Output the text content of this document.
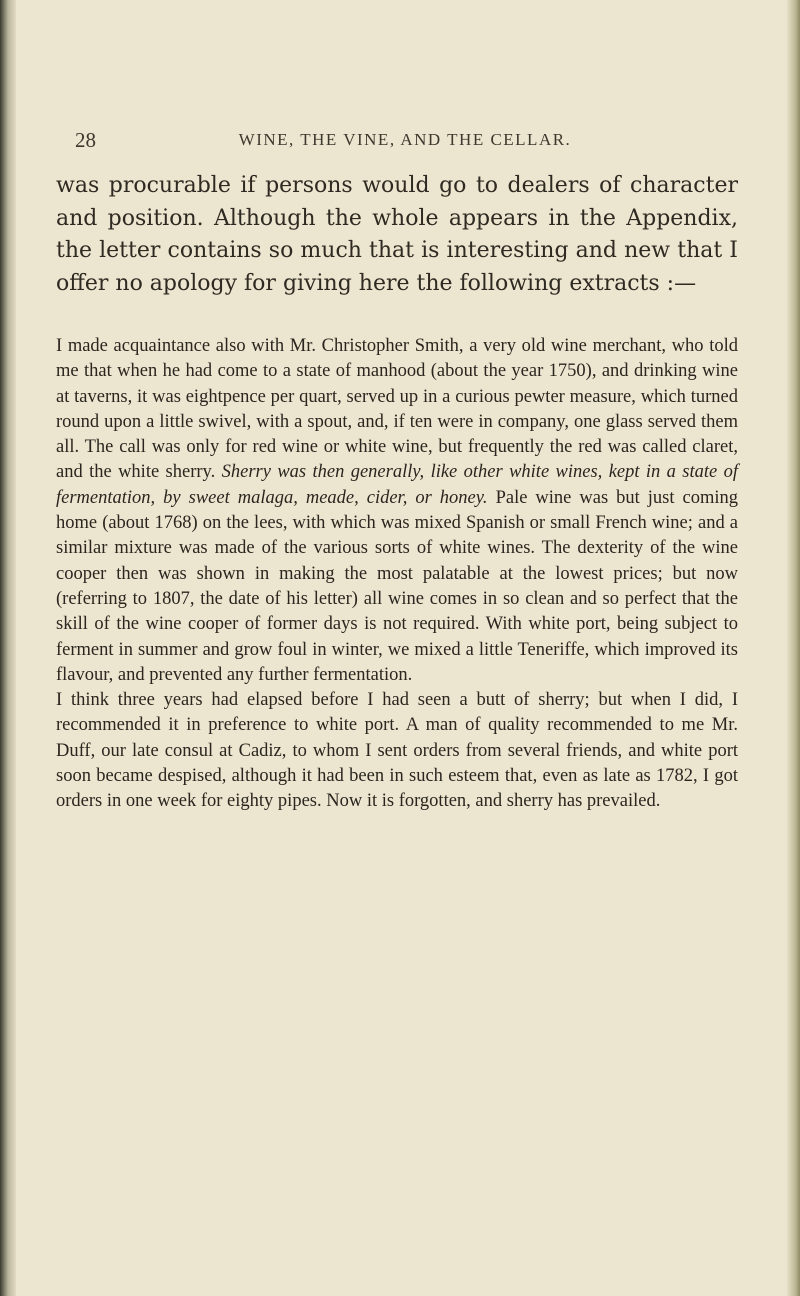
28	WINE, THE VINE, AND THE CELLAR.
was procurable if persons would go to dealers of character and position. Although the whole appears in the Appendix, the letter contains so much that is interesting and new that I offer no apology for giving here the following extracts :—

I made acquaintance also with Mr. Christopher Smith, a very old wine merchant, who told me that when he had come to a state of manhood (about the year 1750), and drinking wine at taverns, it was eightpence per quart, served up in a curious pewter measure, which turned round upon a little swivel, with a spout, and, if ten were in company, one glass served them all. The call was only for red wine or white wine, but frequently the red was called claret, and the white sherry. Sherry was then generally, like other white wines, kept in a state of fermentation, by sweet malaga, meade, cider, or honey. Pale wine was but just coming home (about 1768) on the lees, with which was mixed Spanish or small French wine; and a similar mixture was made of the various sorts of white wines. The dexterity of the wine cooper then was shown in making the most palatable at the lowest prices; but now (referring to 1807, the date of his letter) all wine comes in so clean and so perfect that the skill of the wine cooper of former days is not required. With white port, being subject to ferment in summer and grow foul in winter, we mixed a little Teneriffe, which improved its flavour, and prevented any further fermentation.

I think three years had elapsed before I had seen a butt of sherry; but when I did, I recommended it in preference to white port. A man of quality recommended to me Mr. Duff, our late consul at Cadiz, to whom I sent orders from several friends, and white port soon became despised, although it had been in such esteem that, even as late as 1782, I got orders in one week for eighty pipes. Now it is forgotten, and sherry has prevailed.
